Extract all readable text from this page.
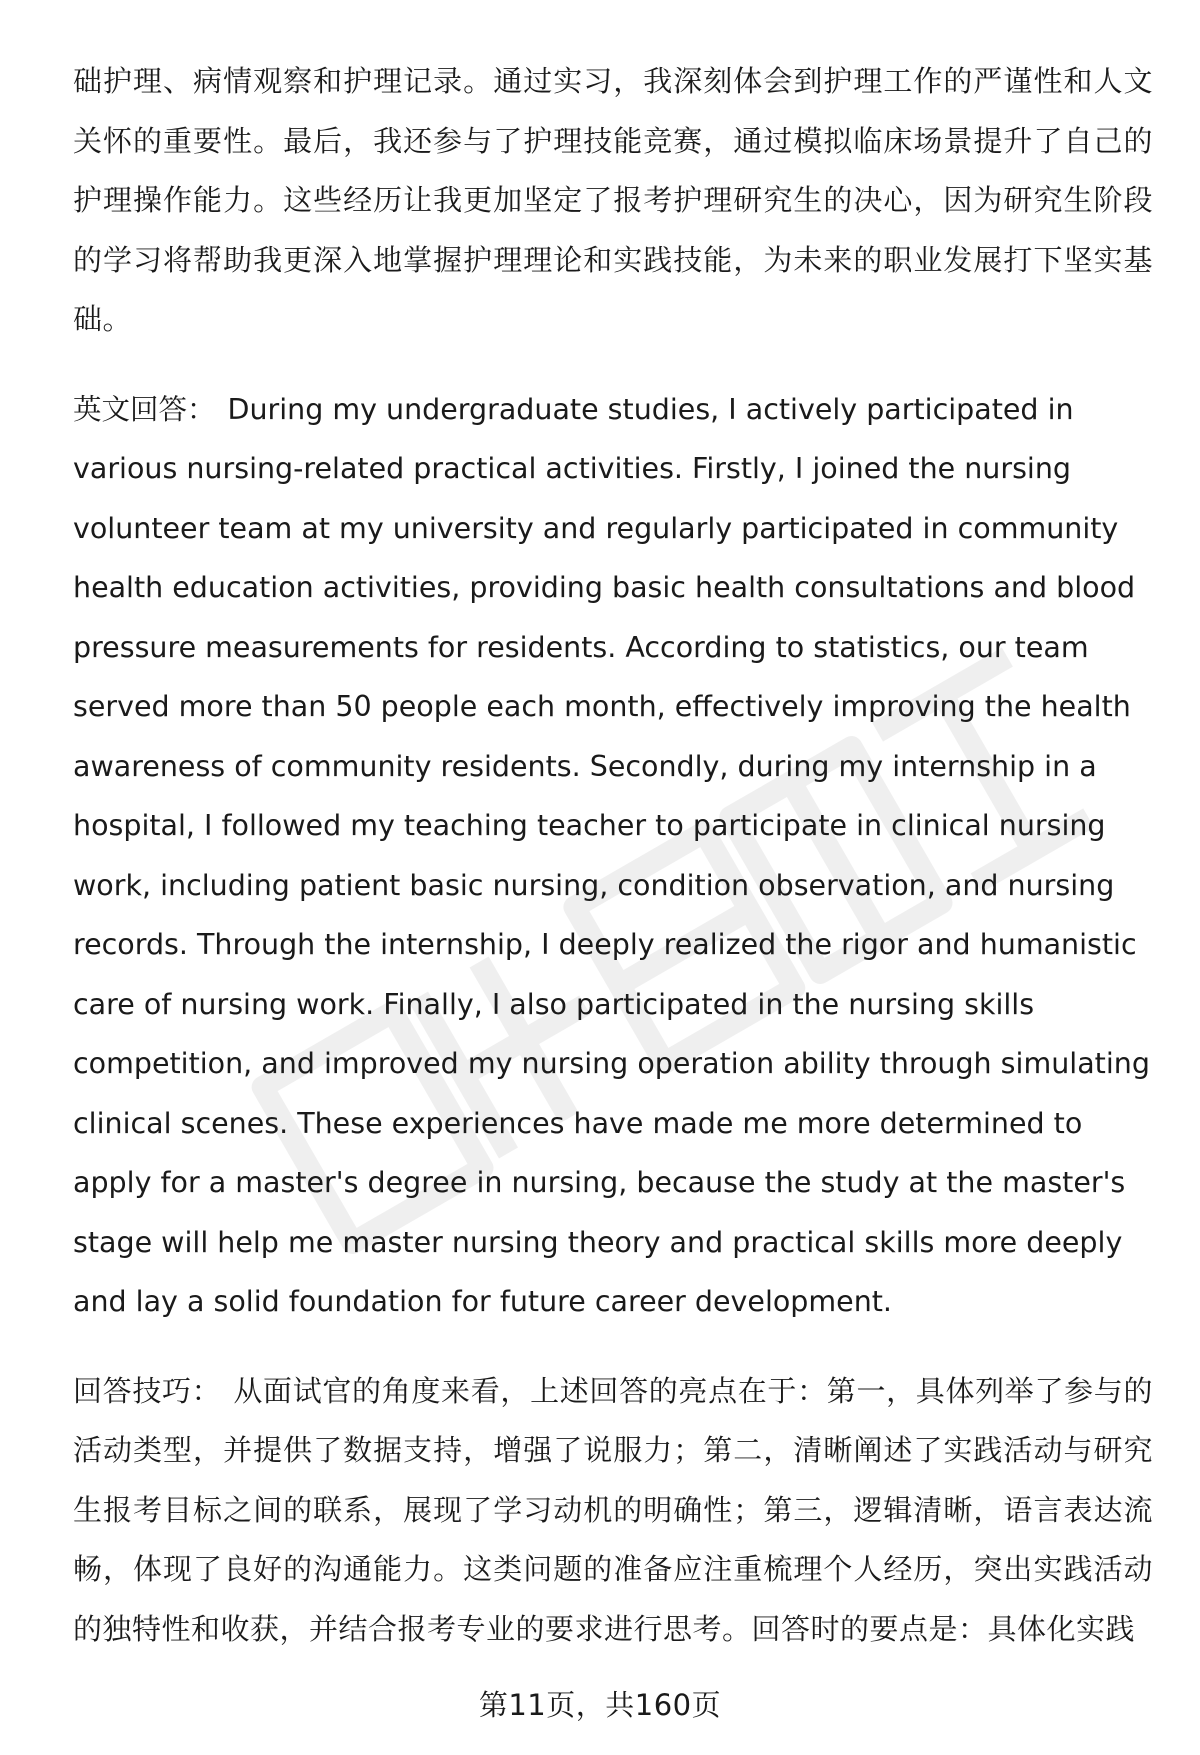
础护理、病情观察和护理记录。通过实习，我深刻体会到护理工作的严谨性和人文关怀的重要性。最后，我还参与了护理技能竞赛，通过模拟临床场景提升了自己的护理操作能力。这些经历让我更加坚定了报考护理研究生的决心，因为研究生阶段的学习将帮助我更深入地掌握护理理论和实践技能，为未来的职业发展打下坚实基础。

英文回答： During my undergraduate studies, I actively participated in various nursing-related practical activities. Firstly, I joined the nursing volunteer team at my university and regularly participated in community health education activities, providing basic health consultations and blood pressure measurements for residents. According to statistics, our team served more than 50 people each month, effectively improving the health awareness of community residents. Secondly, during my internship in a hospital, I followed my teaching teacher to participate in clinical nursing work, including patient basic nursing, condition observation, and nursing records. Through the internship, I deeply realized the rigor and humanistic care of nursing work. Finally, I also participated in the nursing skills competition, and improved my nursing operation ability through simulating clinical scenes. These experiences have made me more determined to apply for a master's degree in nursing, because the study at the master's stage will help me master nursing theory and practical skills more deeply and lay a solid foundation for future career development.

回答技巧： 从面试官的角度来看，上述回答的亮点在于：第一，具体列举了参与的活动类型，并提供了数据支持，增强了说服力；第二，清晰阐述了实践活动与研究生报考目标之间的联系，展现了学习动机的明确性；第三，逻辑清晰，语言表达流畅，体现了良好的沟通能力。这类问题的准备应注重梳理个人经历，突出实践活动的独特性和收获，并结合报考专业的要求进行思考。回答时的要点是：具体化实践

第11页，共160页
